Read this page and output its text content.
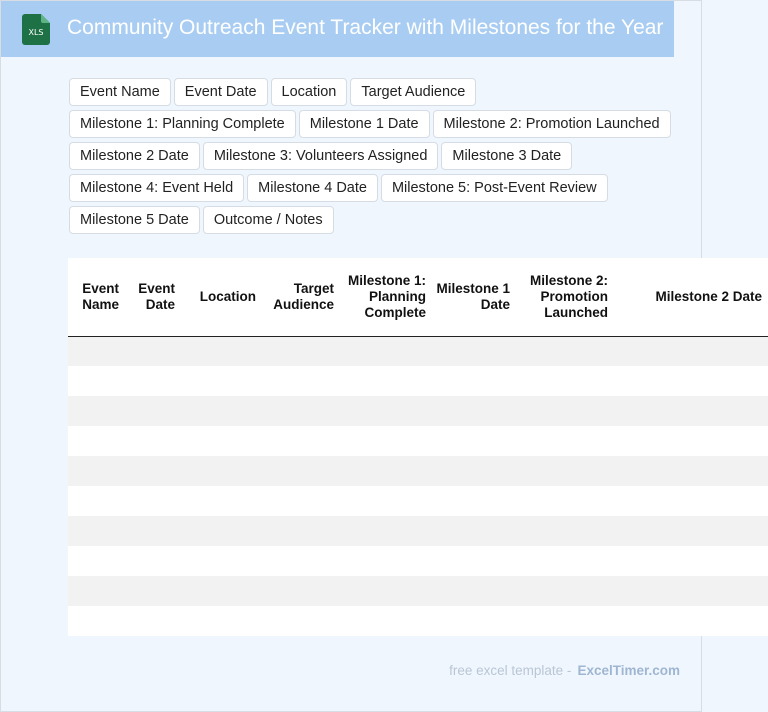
XLS Community Outreach Event Tracker with Milestones for the Year
Event Name	Event Date	Location	Target Audience
Milestone 1: Planning Complete	Milestone 1 Date	Milestone 2: Promotion Launched
Milestone 2 Date	Milestone 3: Volunteers Assigned	Milestone 3 Date
Milestone 4: Event Held	Milestone 4 Date	Milestone 5: Post-Event Review
Milestone 5 Date	Outcome / Notes
Event Name	Event Date	Location	Target Audience	Milestone 1: Planning Complete	Milestone 1 Date	Milestone 2: Promotion Launched	Milestone 2 Date

free excel template - ExcelTimer.com
